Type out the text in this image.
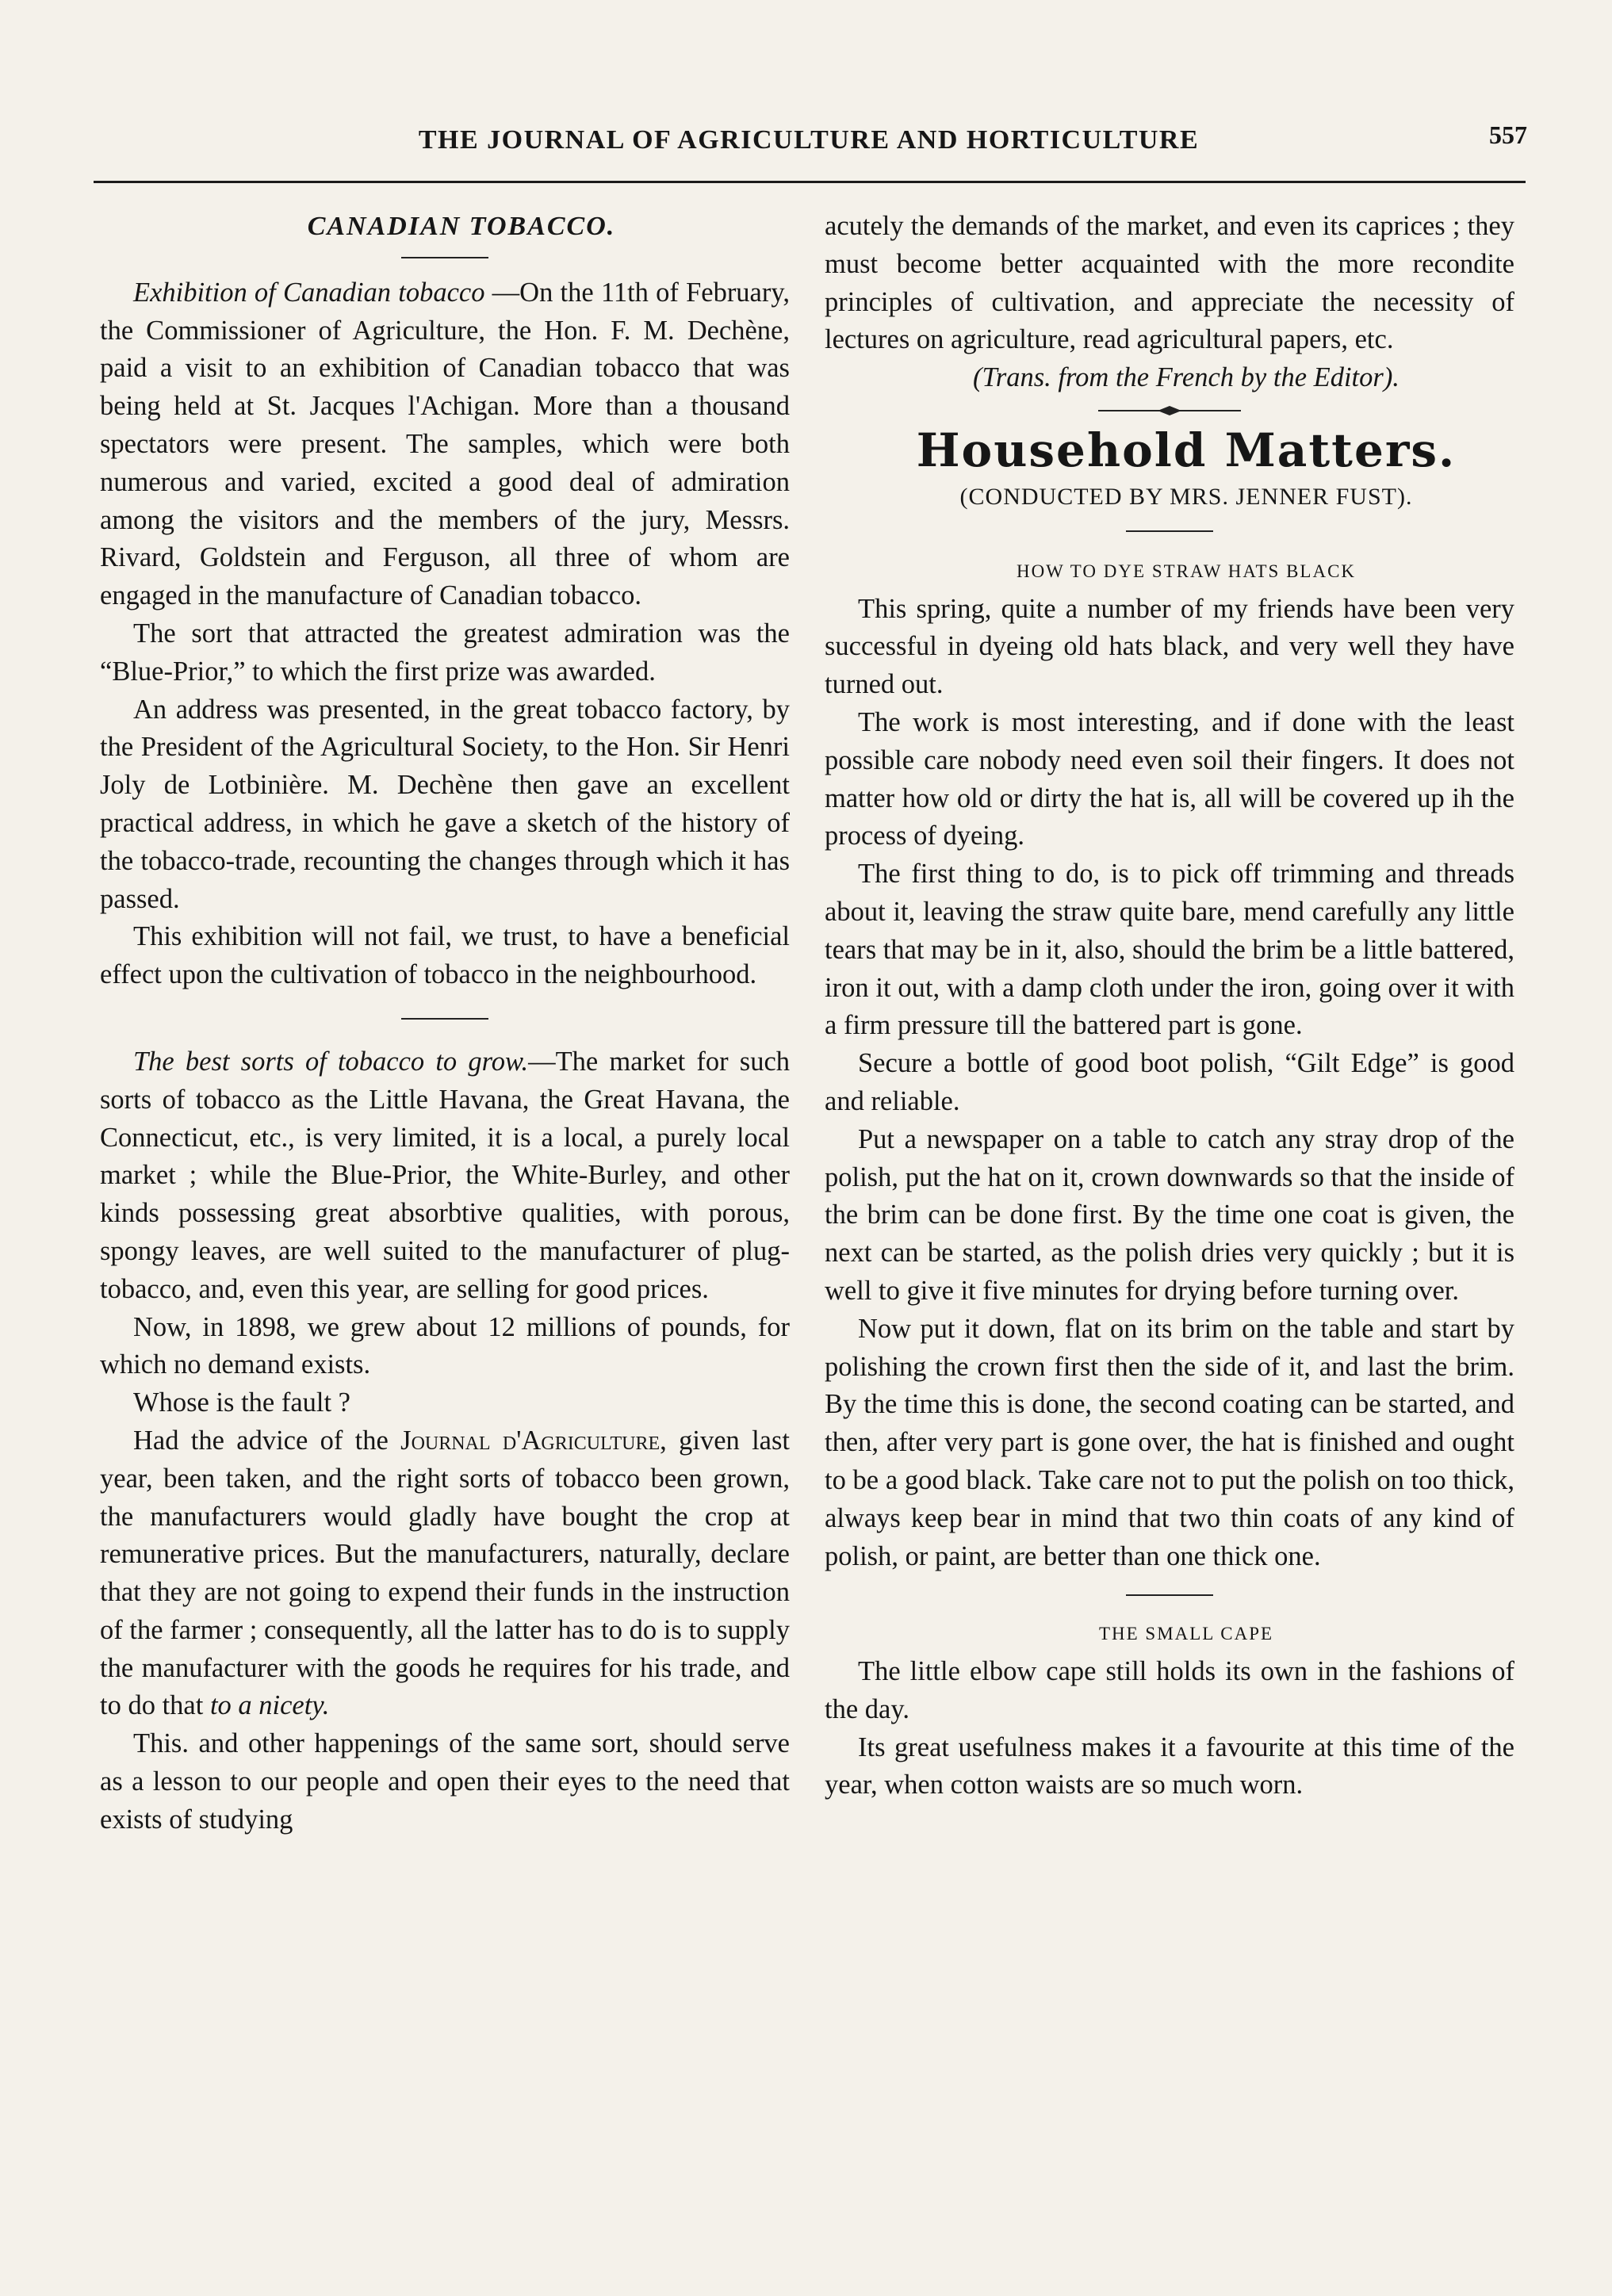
THE JOURNAL OF AGRICULTURE AND HORTICULTURE	557

CANADIAN TOBACCO.

Exhibition of Canadian tobacco —On the 11th of February, the Commissioner of Agriculture, the Hon. F. M. Dechène, paid a visit to an exhibition of Canadian tobacco that was being held at St. Jacques l'Achigan. More than a thousand spectators were present. The samples, which were both numerous and varied, excited a good deal of admiration among the visitors and the members of the jury, Messrs. Rivard, Goldstein and Ferguson, all three of whom are engaged in the manufacture of Canadian tobacco.

The sort that attracted the greatest admiration was the “Blue-Prior,” to which the first prize was awarded.

An address was presented, in the great tobacco factory, by the President of the Agricultural Society, to the Hon. Sir Henri Joly de Lotbinière. M. Dechène then gave an excellent practical address, in which he gave a sketch of the history of the tobacco-trade, recounting the changes through which it has passed.

This exhibition will not fail, we trust, to have a beneficial effect upon the cultivation of tobacco in the neighbourhood.

The best sorts of tobacco to grow.—The market for such sorts of tobacco as the Little Havana, the Great Havana, the Connecticut, etc., is very limited, it is a local, a purely local market ; while the Blue-Prior, the White-Burley, and other kinds possessing great absorbtive qualities, with porous, spongy leaves, are well suited to the manufacturer of plug-tobacco, and, even this year, are selling for good prices.

Now, in 1898, we grew about 12 millions of pounds, for which no demand exists.

Whose is the fault ?

Had the advice of the Journal d'Agriculture, given last year, been taken, and the right sorts of tobacco been grown, the manufacturers would gladly have bought the crop at remunerative prices. But the manufacturers, naturally, declare that they are not going to expend their funds in the instruction of the farmer ; consequently, all the latter has to do is to supply the manufacturer with the goods he requires for his trade, and to do that to a nicety.

This. and other happenings of the same sort, should serve as a lesson to our people and open their eyes to the need that exists of studying

acutely the demands of the market, and even its caprices ; they must become better acquainted with the more recondite principles of cultivation, and appreciate the necessity of lectures on agriculture, read agricultural papers, etc.

(Trans. from the French by the Editor).

Household Matters.

(CONDUCTED BY MRS. JENNER FUST).

HOW TO DYE STRAW HATS BLACK

This spring, quite a number of my friends have been very successful in dyeing old hats black, and very well they have turned out.

The work is most interesting, and if done with the least possible care nobody need even soil their fingers. It does not matter how old or dirty the hat is, all will be covered up ih the process of dyeing.

The first thing to do, is to pick off trimming and threads about it, leaving the straw quite bare, mend carefully any little tears that may be in it, also, should the brim be a little battered, iron it out, with a damp cloth under the iron, going over it with a firm pressure till the battered part is gone.

Secure a bottle of good boot polish, “Gilt Edge” is good and reliable.

Put a newspaper on a table to catch any stray drop of the polish, put the hat on it, crown downwards so that the inside of the brim can be done first. By the time one coat is given, the next can be started, as the polish dries very quickly ; but it is well to give it five minutes for drying before turning over.

Now put it down, flat on its brim on the table and start by polishing the crown first then the side of it, and last the brim. By the time this is done, the second coating can be started, and then, after very part is gone over, the hat is finished and ought to be a good black. Take care not to put the polish on too thick, always keep bear in mind that two thin coats of any kind of polish, or paint, are better than one thick one.

THE SMALL CAPE

The little elbow cape still holds its own in the fashions of the day.

Its great usefulness makes it a favourite at this time of the year, when cotton waists are so much worn.
